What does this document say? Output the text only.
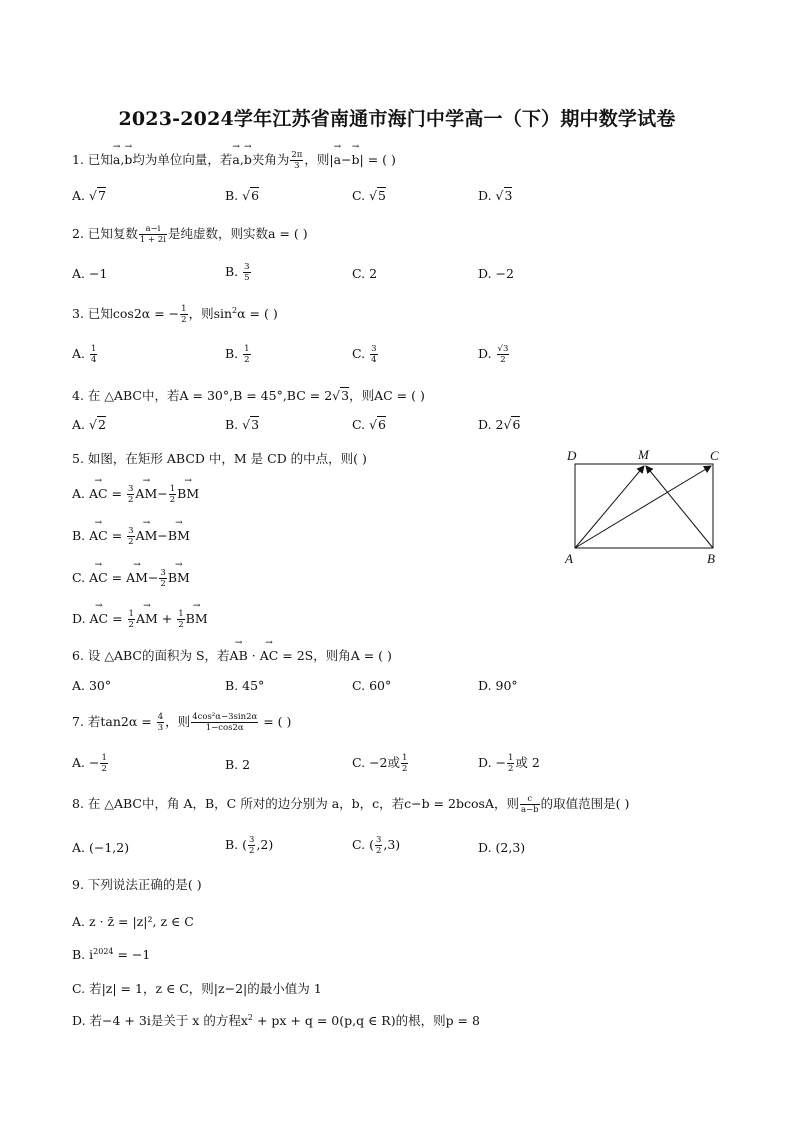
2023-2024学年江苏省南通市海门中学高一（下）期中数学试卷
1. 已知→ a,→ b均为单位向量，若→ a,→ b夹角为 $\frac{2\pi}{3}$ ，则|→ a−→ b| = ( )
A. √7	B. √6	C. √5	D. √3
2. 已知复数 $\frac{a-i}{1 + 2i}$ 是纯虚数，则实数a = ( )
A. −1	B. $\frac{3}{5}$	C. 2	D. −2
3. 已知cos2α = − $\frac{1}{2}$ ，则$\sin^2\alpha$ = ( )
A. $\frac{1}{4}$	B. $\frac{1}{2}$	C. $\frac{3}{4}$	D. $\frac{√3}{2}$
4. 在 △ABC中，若A = 30°,B = 45°,BC = 2√3，则AC = ( )
A. √2	B. √3	C. √6	D. 2√6
5. 如图，在矩形 ABCD 中，M 是 CD 的中点，则( )
A. → AC = $\frac{3}{2}$
→ $AM- \frac{1}{2}$
→ BM
B. → AC = $\frac{3}{2}$
→ AM−→ BM
C. → AC = → $AM- \frac{3}{2}$
→ BM
D. → AC = $\frac{1}{2}$
→ AM + $\frac{1}{2}$
→ BM
D	M	C
A	B
6. 设 △ABC的面积为 S，若→ AB · → AC = 2S，则角A = ( )
A. 30°	B. 45°	C. 60°	D. 90°
7. 若$\tan 2\alpha = \frac{4}{3}$ ，则 $\frac{\text{4cos²α−3sin2α}}{1-\cos 2\alpha}$ = ( )
A. − $\frac{1}{2}$	B. 2	C. −2或 $\frac{1}{2}$	D. − $\frac{1}{2}$ 或 2
8. 在 △ABC中，角 A，B，C 所对的边分别为 a，b，c，若c−b = 2bcosA，则 $\frac{c}{a-b}$ 的取值范围是( )
A. (−1,2)	B. ( $\frac{3}{2} ,2$)	C. ( $\frac{3}{2} ,3$)	D. (2,3)
9. 下列说法正确的是( )
A. z · z̄ = |z|², z ∈ C
B. $i^{2024} = -1$
C. 若|z| = 1，z ∈ C，则|z−2|的最小值为 1
D. 若−4 + 3i是关于 x 的方程$x^2$ + px + q = 0(p,q ∈ R)的根，则p = 8
